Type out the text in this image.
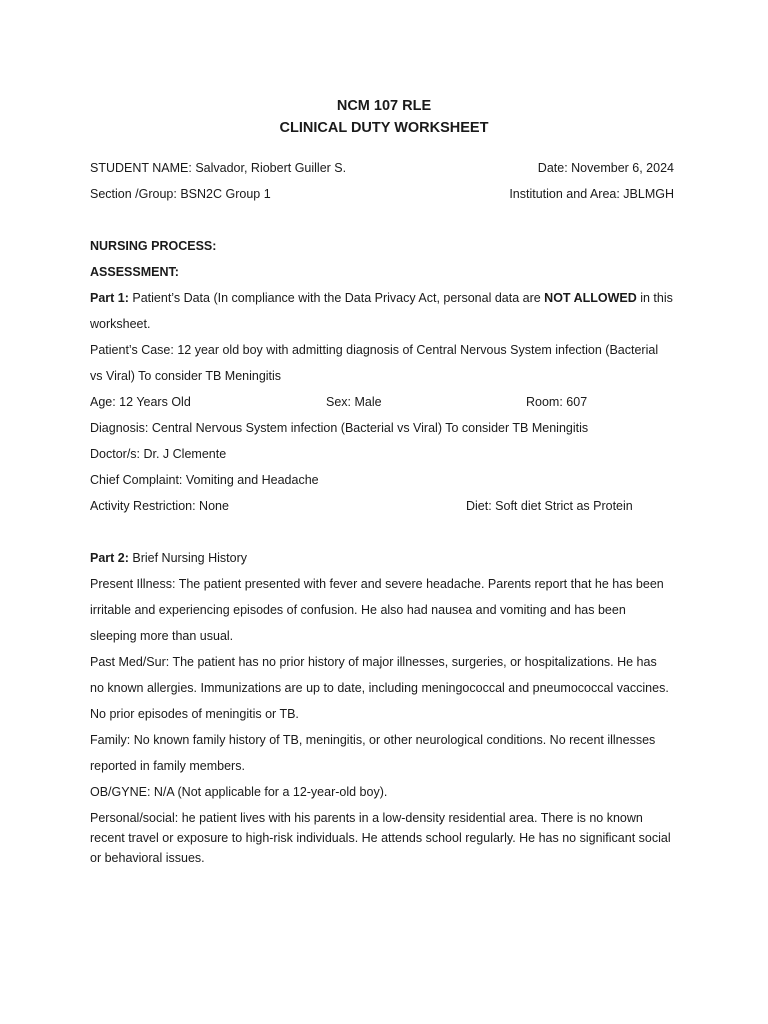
NCM 107 RLE
CLINICAL DUTY WORKSHEET
STUDENT NAME: Salvador, Riobert Guiller S.	Date: November 6, 2024
Section /Group: BSN2C Group 1	Institution and Area: JBLMGH
NURSING PROCESS:
ASSESSMENT:
Part 1: Patient’s Data (In compliance with the Data Privacy Act, personal data are NOT ALLOWED in this
worksheet.
Patient’s Case: 12 year old boy with admitting diagnosis of Central Nervous System infection (Bacterial
vs Viral) To consider TB Meningitis
Age: 12 Years Old	Sex: Male	Room: 607
Diagnosis: Central Nervous System infection (Bacterial vs Viral) To consider TB Meningitis
Doctor/s: Dr. J Clemente
Chief Complaint: Vomiting and Headache
Activity Restriction: None	Diet: Soft diet Strict as Protein
Part 2: Brief Nursing History
Present Illness: The patient presented with fever and severe headache. Parents report that he has been
irritable and experiencing episodes of confusion. He also had nausea and vomiting and has been
sleeping more than usual.
Past Med/Sur: The patient has no prior history of major illnesses, surgeries, or hospitalizations. He has
no known allergies. Immunizations are up to date, including meningococcal and pneumococcal vaccines.
No prior episodes of meningitis or TB.
Family: No known family history of TB, meningitis, or other neurological conditions. No recent illnesses
reported in family members.
OB/GYNE: N/A (Not applicable for a 12-year-old boy).
Personal/social: he patient lives with his parents in a low-density residential area. There is no known
recent travel or exposure to high-risk individuals. He attends school regularly. He has no significant social
or behavioral issues.
